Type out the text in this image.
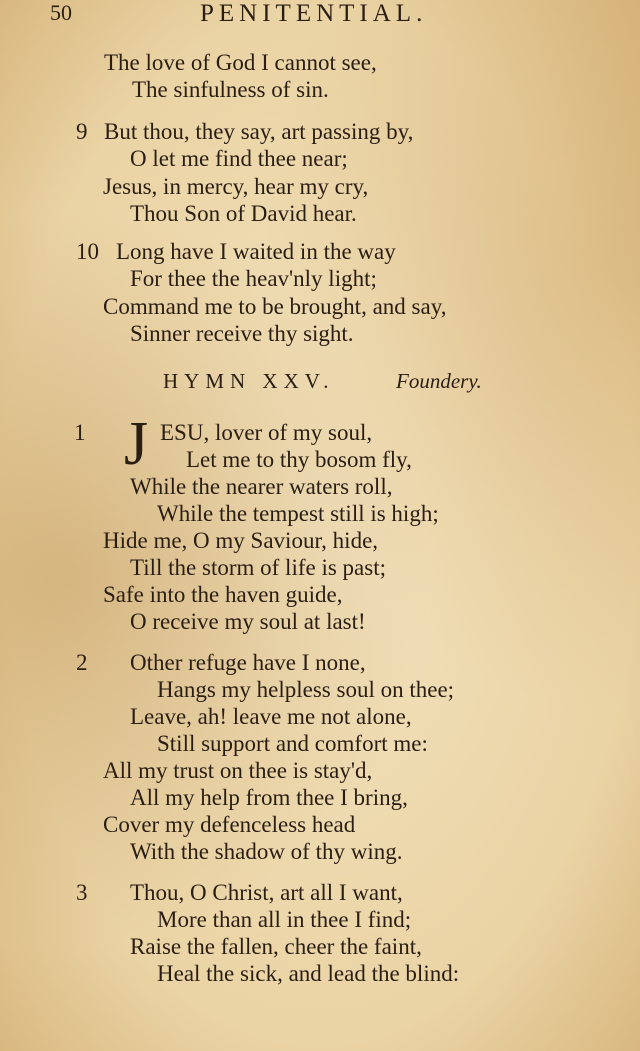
50	PENITENTIAL.
The love of God I cannot see,
The sinfulness of sin.
9 But thou, they say, art passing by,
O let me find thee near;
Jesus, in mercy, hear my cry,
Thou Son of David hear.
10 Long have I waited in the way
For thee the heav'nly light;
Command me to be brought, and say,
Sinner receive thy sight.
HYMN XXV.	Foundery.
1 J ESU, lover of my soul,
Let me to thy bosom fly,
While the nearer waters roll,
While the tempest still is high;
Hide me, O my Saviour, hide,
Till the storm of life is past;
Safe into the haven guide,
O receive my soul at last!
2 Other refuge have I none,
Hangs my helpless soul on thee;
Leave, ah! leave me not alone,
Still support and comfort me:
All my trust on thee is stay'd,
All my help from thee I bring,
Cover my defenceless head
With the shadow of thy wing.
3 Thou, O Christ, art all I want,
More than all in thee I find;
Raise the fallen, cheer the faint,
Heal the sick, and lead the blind:
